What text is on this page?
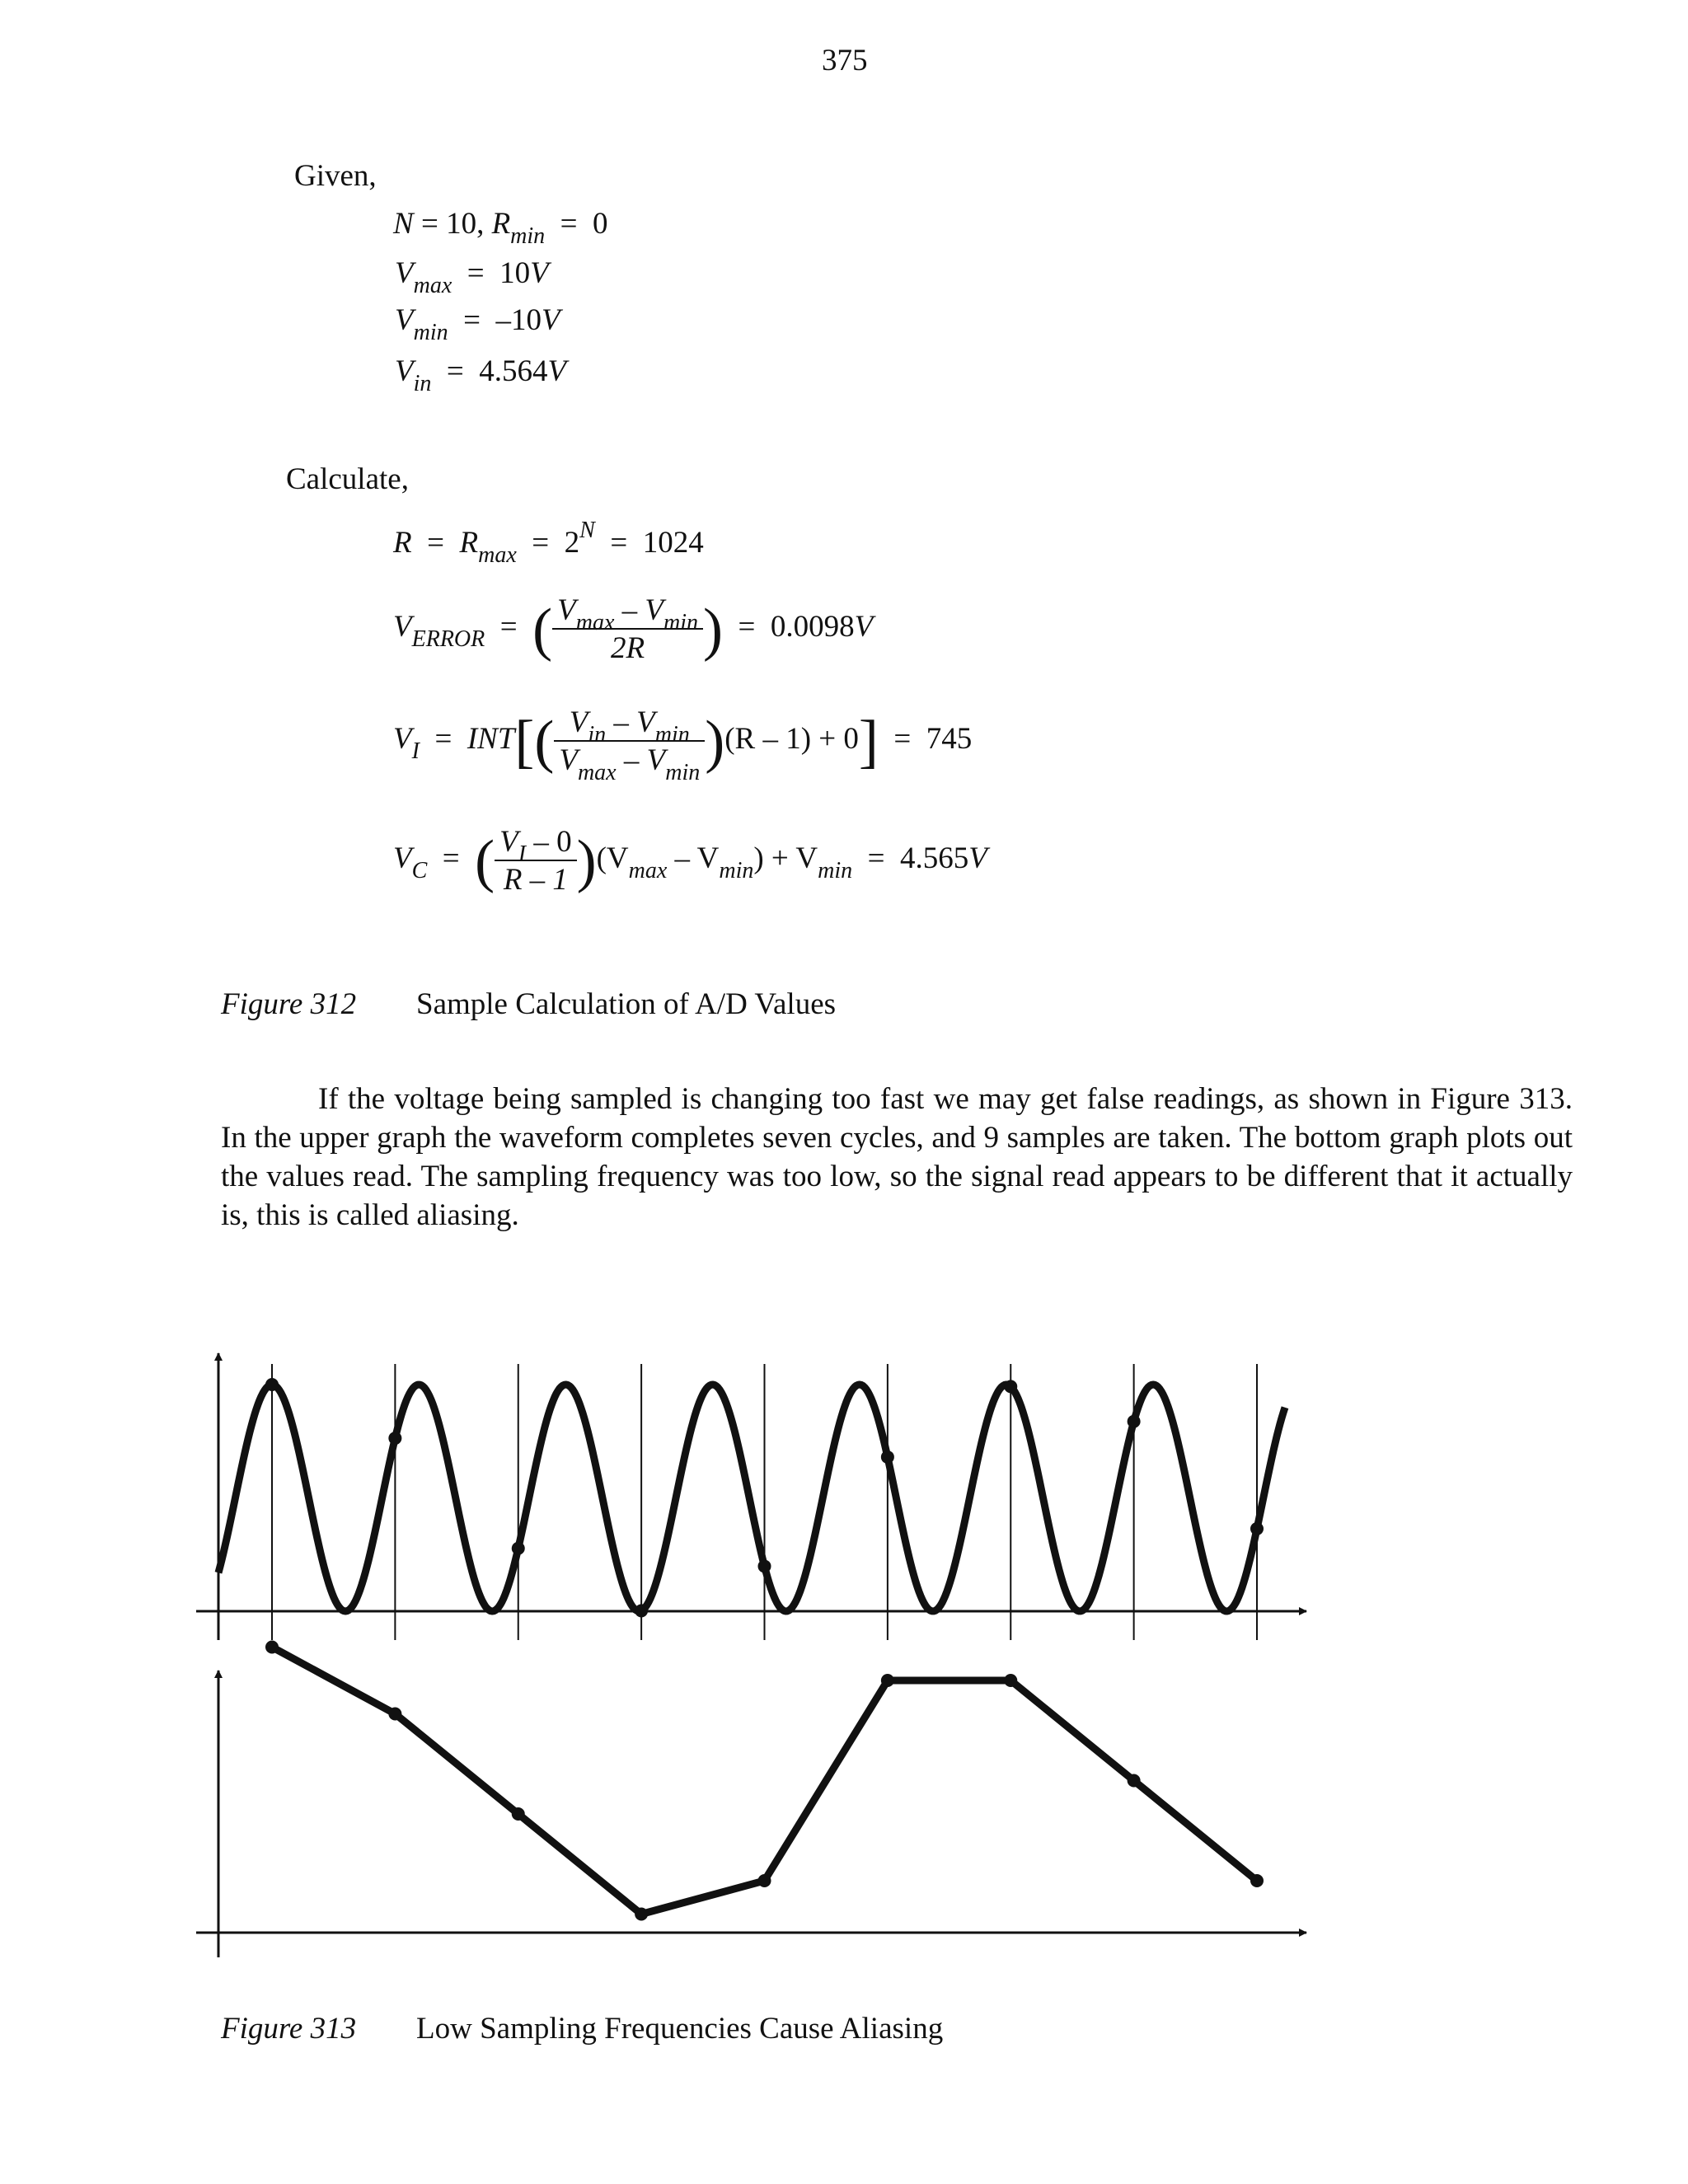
375
Given,
N = 10, $R_{min} = 0$
$V_{max} = 10V$
$V_{min} = -10V$
$V_{in} = 4.564V$
Calculate,
$R = R_{max} = 2^N = 1024$
$V_{ERROR}$  =  ( $\frac{V_{max} - V_{min}}{2R}$ )  =  0.0098V
$V_I = INT[( \frac{V_{in} - V_{min}}{V_{max} - V_{min}} )(R - 1) + 0] = 745$
$V_C$  =  ( $\frac{V_I - 0}{R - 1} )(V_{max} - V_{min}) + V_{min} = 4.565V$
Figure 312 Sample Calculation of A/D Values
If the voltage being sampled is changing too fast we may get false readings, as shown in Figure 313. In the upper graph the waveform completes seven cycles, and 9 samples are taken. The bottom graph plots out the values read. The sampling frequency was too low, so the signal read appears to be different that it actually is, this is called aliasing.
Figure 313 Low Sampling Frequencies Cause Aliasing
